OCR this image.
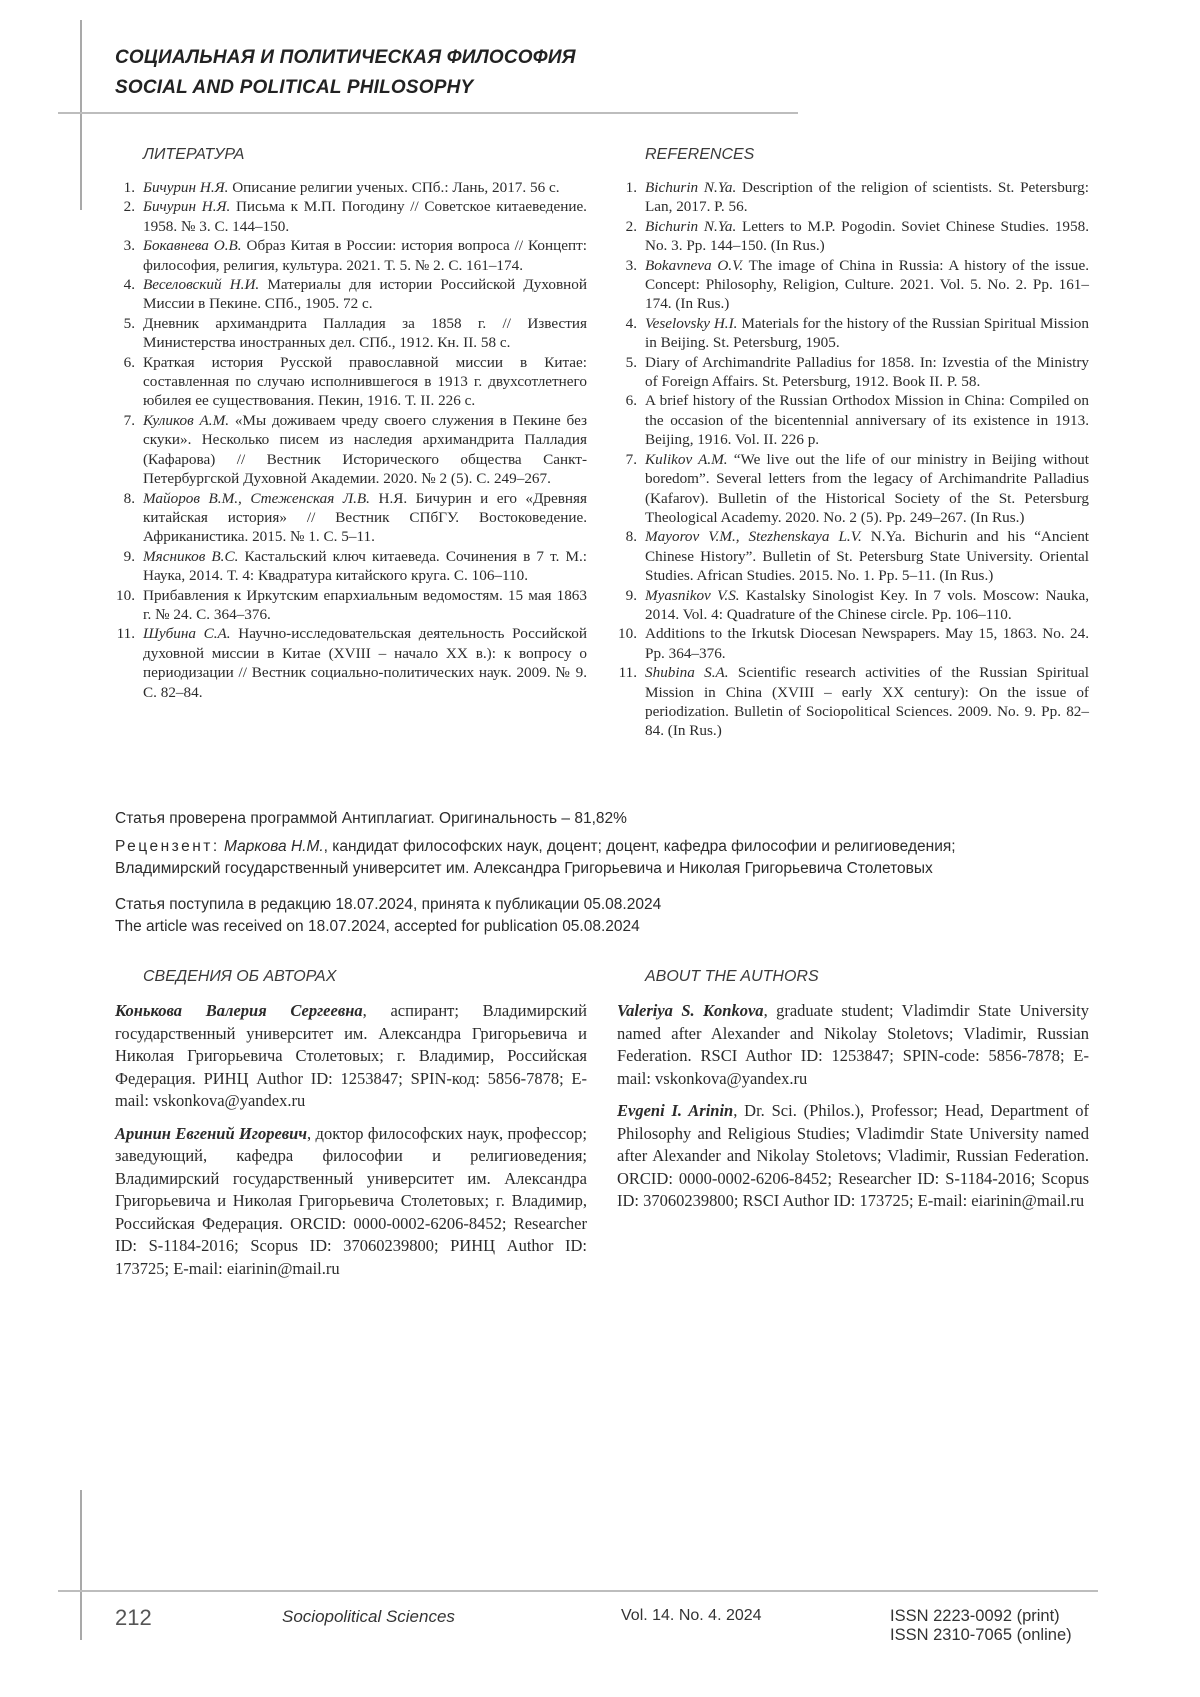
СОЦИАЛЬНАЯ И ПОЛИТИЧЕСКАЯ ФИЛОСОФИЯ
SOCIAL AND POLITICAL PHILOSOPHY
ЛИТЕРАТУРА
1. Бичурин Н.Я. Описание религии ученых. СПб.: Лань, 2017. 56 с.
2. Бичурин Н.Я. Письма к М.П. Погодину // Советское китаеведение. 1958. № 3. С. 144–150.
3. Бокавнева О.В. Образ Китая в России: история вопроса // Концепт: философия, религия, культура. 2021. Т. 5. № 2. С. 161–174.
4. Веселовский Н.И. Материалы для истории Российской Духовной Миссии в Пекине. СПб., 1905. 72 с.
5. Дневник архимандрита Палладия за 1858 г. // Известия Министерства иностранных дел. СПб., 1912. Кн. II. 58 с.
6. Краткая история Русской православной миссии в Китае: составленная по случаю исполнившегося в 1913 г. двухсотлетнего юбилея ее существования. Пекин, 1916. Т. II. 226 с.
7. Куликов А.М. «Мы доживаем чреду своего служения в Пекине без скуки». Несколько писем из наследия архимандрита Палладия (Кафарова) // Вестник Исторического общества Санкт-Петербургской Духовной Академии. 2020. № 2 (5). С. 249–267.
8. Майоров В.М., Стеженская Л.В. Н.Я. Бичурин и его «Древняя китайская история» // Вестник СПбГУ. Востоковедение. Африканистика. 2015. № 1. С. 5–11.
9. Мясников В.С. Кастальский ключ китаеведа. Сочинения в 7 т. М.: Наука, 2014. Т. 4: Квадратура китайского круга. С. 106–110.
10. Прибавления к Иркутским епархиальным ведомостям. 15 мая 1863 г. № 24. С. 364–376.
11. Шубина С.А. Научно-исследовательская деятельность Российской духовной миссии в Китае (XVIII – начало XX в.): к вопросу о периодизации // Вестник социально-политических наук. 2009. № 9. С. 82–84.
REFERENCES
1. Bichurin N.Ya. Description of the religion of scientists. St. Petersburg: Lan, 2017. P. 56.
2. Bichurin N.Ya. Letters to M.P. Pogodin. Soviet Chinese Studies. 1958. No. 3. Pp. 144–150. (In Rus.)
3. Bokavneva O.V. The image of China in Russia: A history of the issue. Concept: Philosophy, Religion, Culture. 2021. Vol. 5. No. 2. Pp. 161–174. (In Rus.)
4. Veselovsky H.I. Materials for the history of the Russian Spiritual Mission in Beijing. St. Petersburg, 1905.
5. Diary of Archimandrite Palladius for 1858. In: Izvestia of the Ministry of Foreign Affairs. St. Petersburg, 1912. Book II. P. 58.
6. A brief history of the Russian Orthodox Mission in China: Compiled on the occasion of the bicentennial anniversary of its existence in 1913. Beijing, 1916. Vol. II. 226 p.
7. Kulikov A.M. “We live out the life of our ministry in Beijing without boredom”. Several letters from the legacy of Archimandrite Palladius (Kafarov). Bulletin of the Historical Society of the St. Petersburg Theological Academy. 2020. No. 2 (5). Pp. 249–267. (In Rus.)
8. Mayorov V.M., Stezhenskaya L.V. N.Ya. Bichurin and his “Ancient Chinese History”. Bulletin of St. Petersburg State University. Oriental Studies. African Studies. 2015. No. 1. Pp. 5–11. (In Rus.)
9. Myasnikov V.S. Kastalsky Sinologist Key. In 7 vols. Moscow: Nauka, 2014. Vol. 4: Quadrature of the Chinese circle. Pp. 106–110.
10. Additions to the Irkutsk Diocesan Newspapers. May 15, 1863. No. 24. Pp. 364–376.
11. Shubina S.A. Scientific research activities of the Russian Spiritual Mission in China (XVIII – early XX century): On the issue of periodization. Bulletin of Sociopolitical Sciences. 2009. No. 9. Pp. 82–84. (In Rus.)

Статья проверена программой Антиплагиат. Оригинальность – 81,82%

Рецензент: Маркова Н.М., кандидат философских наук, доцент; доцент, кафедра философии и религиоведения;

Владимирский государственный университет им. Александра Григорьевича и Николая Григорьевича Столетовых

Статья поступила в редакцию 18.07.2024, принята к публикации 05.08.2024

The article was received on 18.07.2024, accepted for publication 05.08.2024

СВЕДЕНИЯ ОБ АВТОРАХ

Конькова Валерия Сергеевна, аспирант; Владимирский государственный университет им. Александра Григорьевича и Николая Григорьевича Столетовых; г. Владимир, Российская Федерация. РИНЦ Author ID: 1253847; SPIN-код: 5856-7878; E-mail: vskonkova@yandex.ru

Аринин Евгений Игоревич, доктор философских наук, профессор; заведующий, кафедра философии и религиоведения; Владимирский государственный университет им. Александра Григорьевича и Николая Григорьевича Столетовых; г. Владимир, Российская Федерация. ORCID: 0000-0002-6206-8452; Researcher ID: S-1184-2016; Scopus ID: 37060239800; РИНЦ Author ID: 173725; E-mail: eiarinin@mail.ru

ABOUT THE AUTHORS

Valeriya S. Konkova, graduate student; Vladimdir State University named after Alexander and Nikolay Stoletovs; Vladimir, Russian Federation. RSCI Author ID: 1253847; SPIN-code: 5856-7878; E-mail: vskonkova@yandex.ru

Evgeni I. Arinin, Dr. Sci. (Philos.), Professor; Head, Department of Philosophy and Religious Studies; Vladimdir State University named after Alexander and Nikolay Stoletovs; Vladimir, Russian Federation. ORCID: 0000-0002-6206-8452; Researcher ID: S-1184-2016; Scopus ID: 37060239800; RSCI Author ID: 173725; E-mail: eiarinin@mail.ru

212	Sociopolitical Sciences	Vol. 14. No. 4. 2024	ISSN 2223-0092 (print)
ISSN 2310-7065 (online)
